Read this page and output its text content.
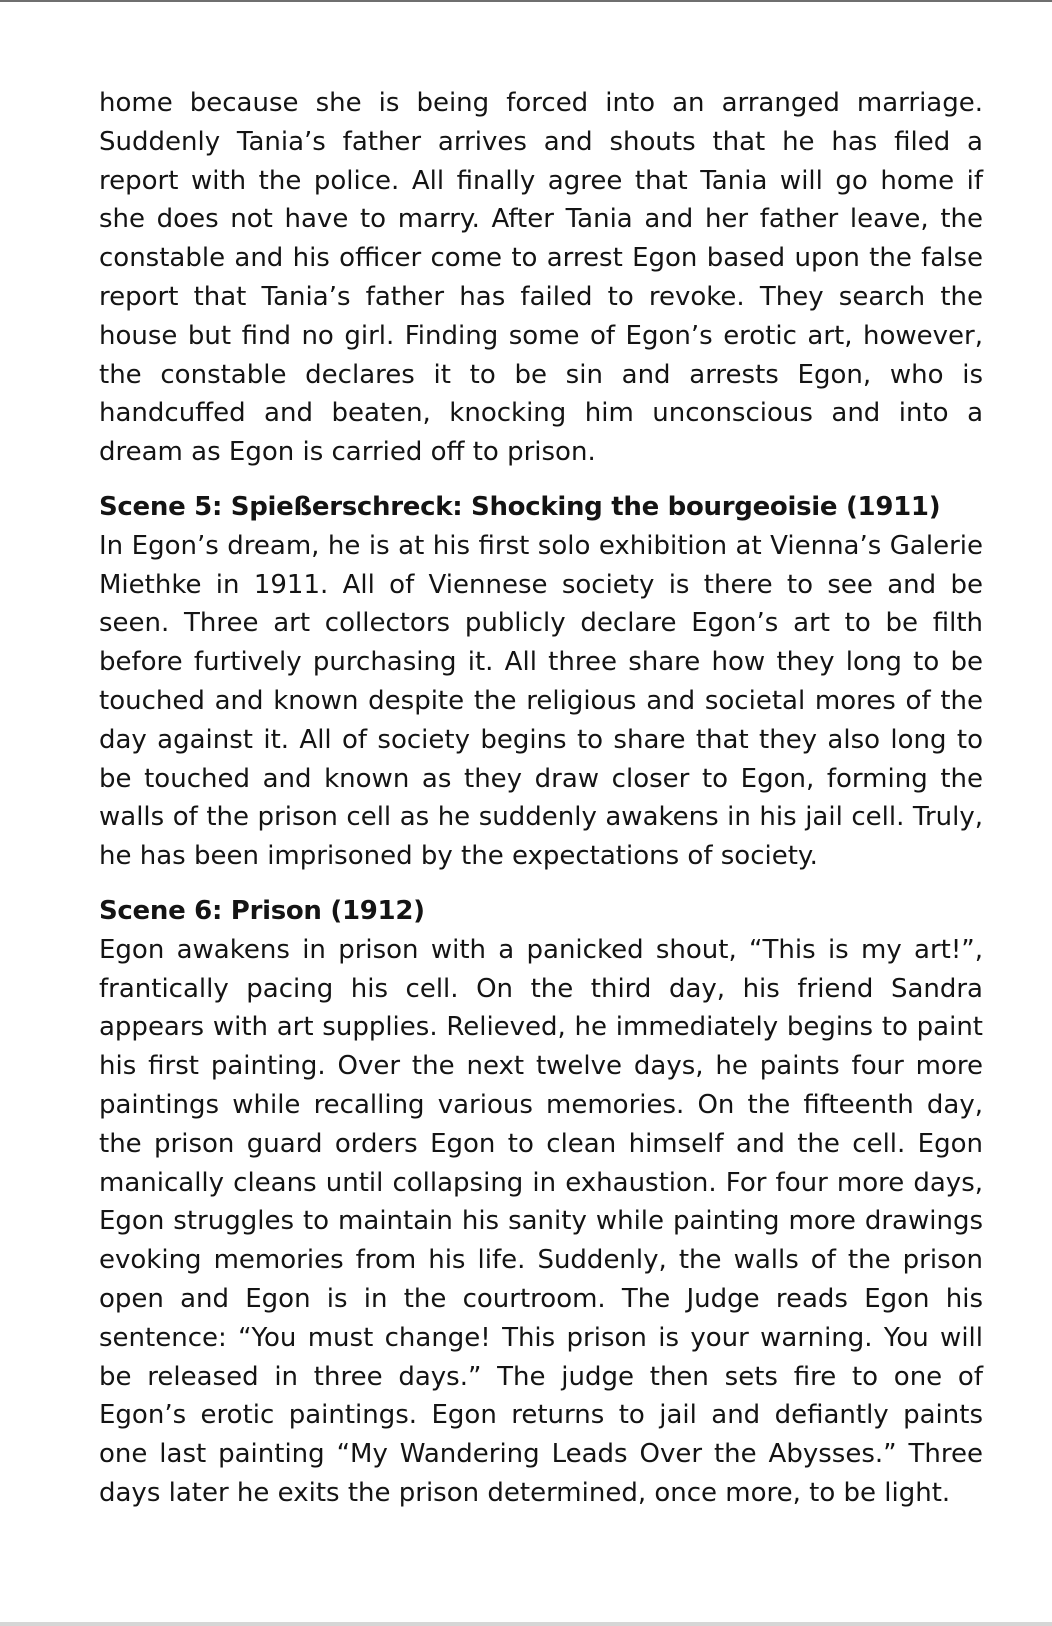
home because she is being forced into an arranged marriage. Suddenly Tania’s father arrives and shouts that he has filed a report with the police. All finally agree that Tania will go home if she does not have to marry. After Tania and her father leave, the constable and his officer come to arrest Egon based upon the false report that Tania’s father has failed to revoke. They search the house but find no girl. Finding some of Egon’s erotic art, however, the constable declares it to be sin and arrests Egon, who is handcuffed and beaten, knocking him unconscious and into a dream as Egon is carried off to prison.

Scene 5: Spießerschreck: Shocking the bourgeoisie (1911)

In Egon’s dream, he is at his first solo exhibition at Vienna’s Galerie Miethke in 1911. All of Viennese society is there to see and be seen. Three art collectors publicly declare Egon’s art to be filth before furtively purchasing it. All three share how they long to be touched and known despite the religious and societal mores of the day against it. All of society begins to share that they also long to be touched and known as they draw closer to Egon, forming the walls of the prison cell as he suddenly awakens in his jail cell. Truly, he has been imprisoned by the expectations of society.

Scene 6: Prison (1912)

Egon awakens in prison with a panicked shout, “This is my art!”, frantically pacing his cell. On the third day, his friend Sandra appears with art supplies. Relieved, he immediately begins to paint his first painting. Over the next twelve days, he paints four more paintings while recalling various memories. On the fifteenth day, the prison guard orders Egon to clean himself and the cell. Egon manically cleans until collapsing in exhaustion. For four more days, Egon struggles to maintain his sanity while painting more drawings evoking memories from his life. Suddenly, the walls of the prison open and Egon is in the courtroom. The Judge reads Egon his sentence: “You must change! This prison is your warning. You will be released in three days.” The judge then sets fire to one of Egon’s erotic paintings. Egon returns to jail and defiantly paints one last painting “My Wandering Leads Over the Abysses.” Three days later he exits the prison determined, once more, to be light.
